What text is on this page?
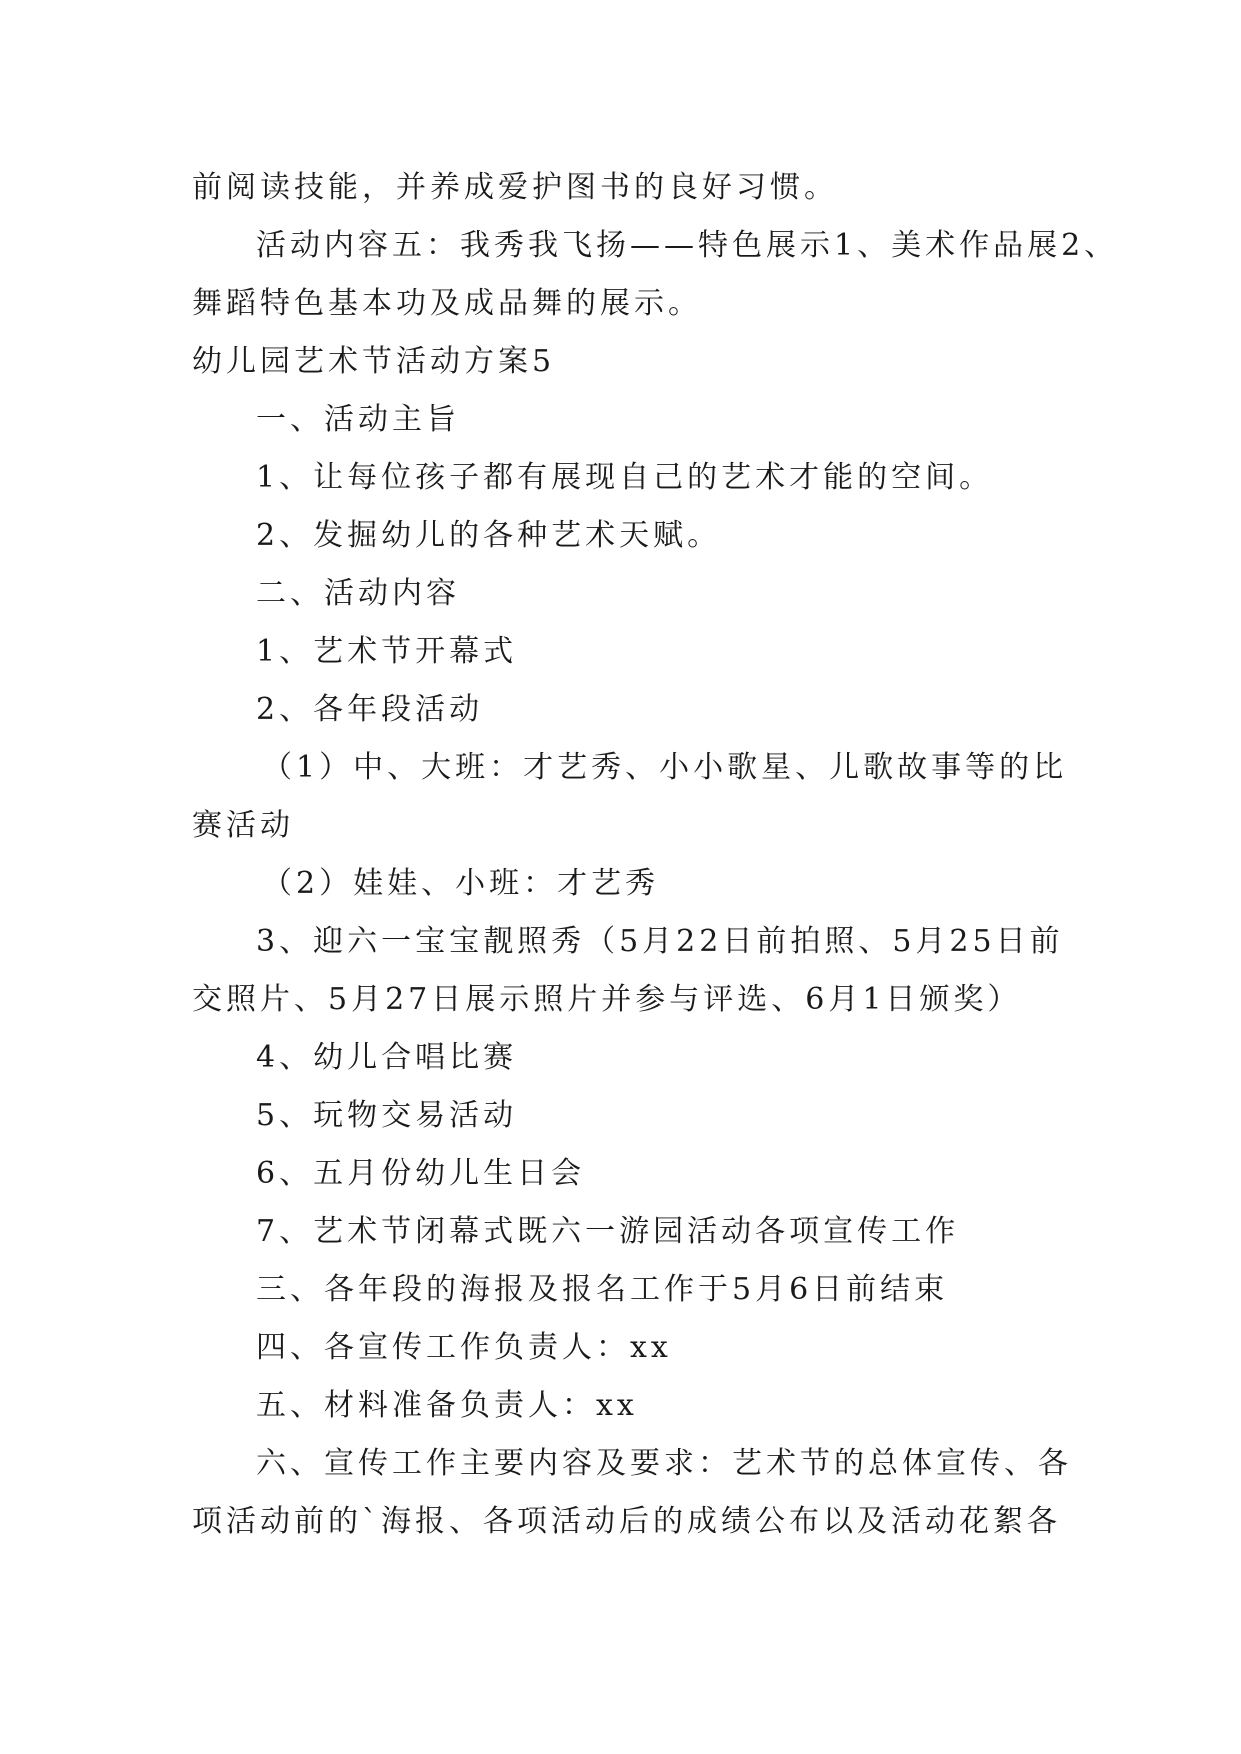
前阅读技能，并养成爱护图书的良好习惯。
活动内容五：我秀我飞扬——特色展示1、美术作品展2、
舞蹈特色基本功及成品舞的展示。
幼儿园艺术节活动方案5
一、活动主旨
1、让每位孩子都有展现自己的艺术才能的空间。
2、发掘幼儿的各种艺术天赋。
二、活动内容
1、艺术节开幕式
2、各年段活动
（1）中、大班：才艺秀、小小歌星、儿歌故事等的比
赛活动
（2）娃娃、小班：才艺秀
3、迎六一宝宝靓照秀（5月22日前拍照、5月25日前
交照片、5月27日展示照片并参与评选、6月1日颁奖）
4、幼儿合唱比赛
5、玩物交易活动
6、五月份幼儿生日会
7、艺术节闭幕式既六一游园活动各项宣传工作
三、各年段的海报及报名工作于5月6日前结束
四、各宣传工作负责人：xx
五、材料准备负责人：xx
六、宣传工作主要内容及要求：艺术节的总体宣传、各
项活动前的`海报、各项活动后的成绩公布以及活动花絮各
